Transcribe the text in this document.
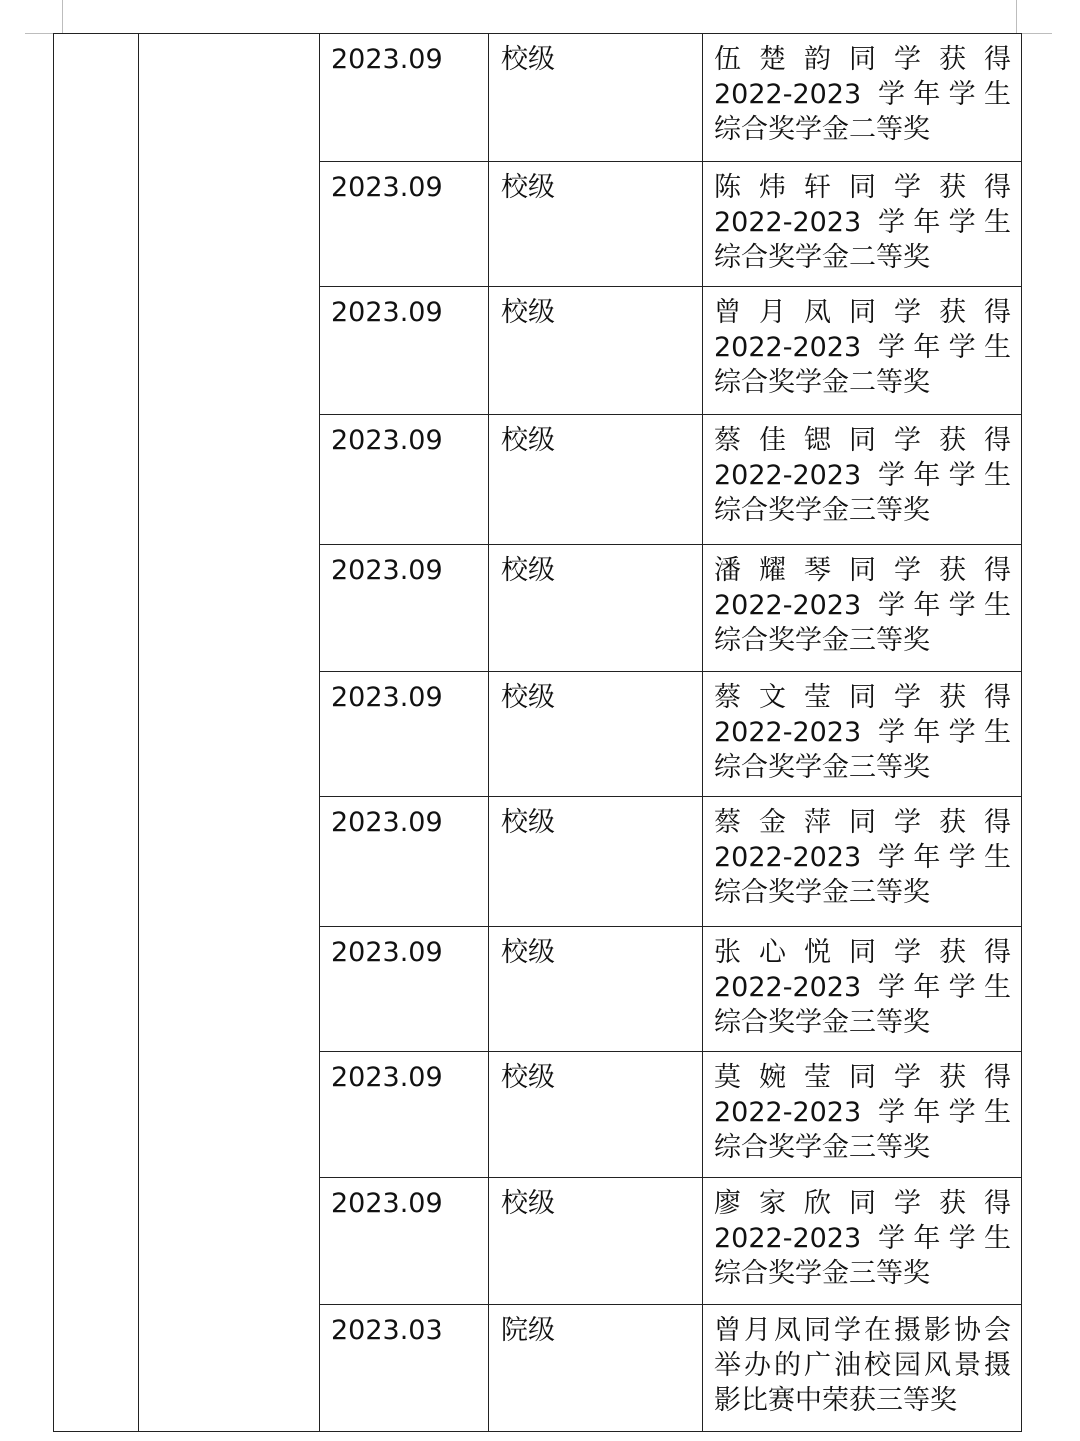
		2023.09	校级	伍楚韵同学获得
2022-2023 学年学生
综合奖学金二等奖

		2023.09	校级	陈炜轩同学获得
2022-2023 学年学生
综合奖学金二等奖

		2023.09	校级	曾月凤同学获得
2022-2023 学年学生
综合奖学金二等奖

		2023.09	校级	蔡佳锶同学获得
2022-2023 学年学生
综合奖学金三等奖

		2023.09	校级	潘耀琴同学获得
2022-2023 学年学生
综合奖学金三等奖

		2023.09	校级	蔡文莹同学获得
2022-2023 学年学生
综合奖学金三等奖

		2023.09	校级	蔡金萍同学获得
2022-2023 学年学生
综合奖学金三等奖

		2023.09	校级	张心悦同学获得
2022-2023 学年学生
综合奖学金三等奖

		2023.09	校级	莫婉莹同学获得
2022-2023 学年学生
综合奖学金三等奖

		2023.09	校级	廖家欣同学获得
2022-2023 学年学生
综合奖学金三等奖

		2023.03	院级	曾月凤同学在摄影协会
举办的广油校园风景摄
影比赛中荣获三等奖
